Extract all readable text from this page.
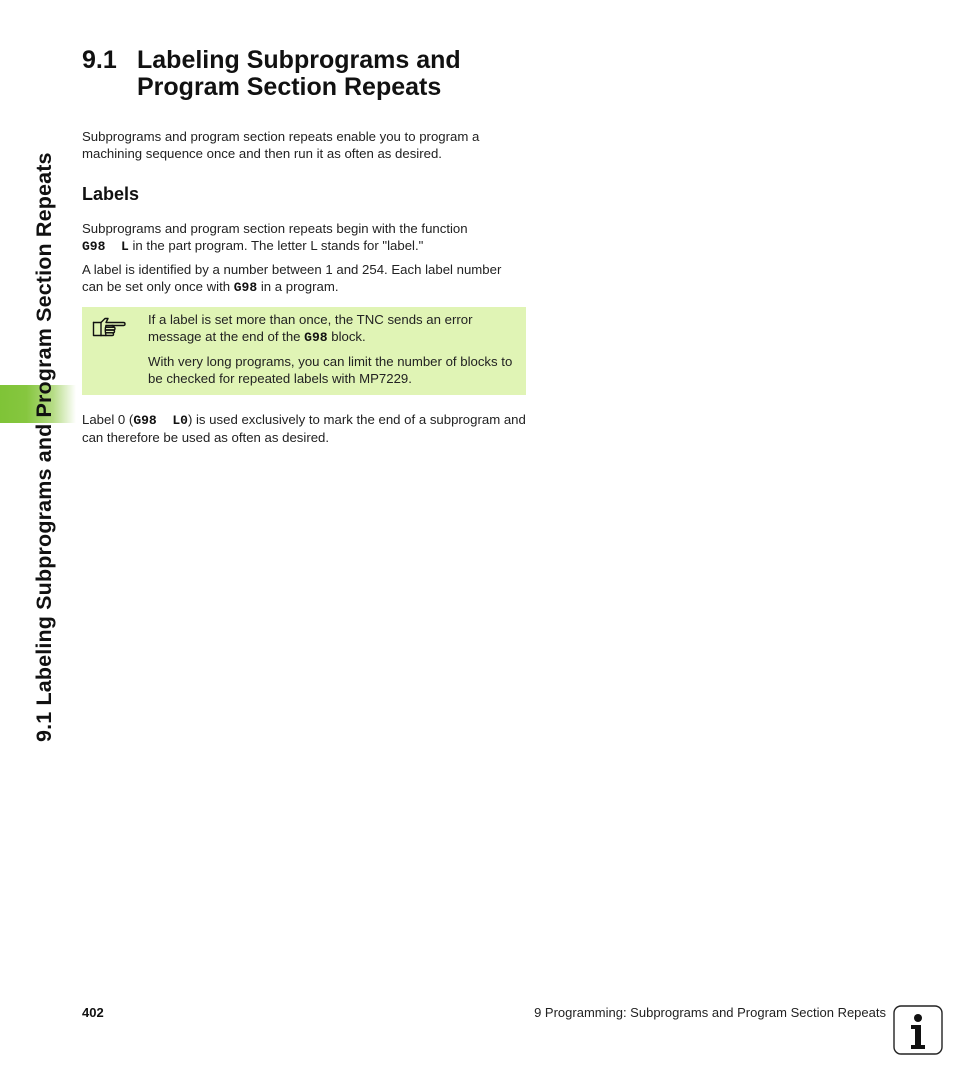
9.1 Labeling Subprograms and Program Section Repeats
9.1 Labeling Subprograms and Program Section Repeats

Subprograms and program section repeats enable you to program a machining sequence once and then run it as often as desired.

Labels

Subprograms and program section repeats begin with the function
G98  L in the part program. The letter L stands for "label."

A label is identified by a number between 1 and 254. Each label number can be set only once with G98 in a program.

If a label is set more than once, the TNC sends an error message at the end of the G98 block.

With very long programs, you can limit the number of blocks to be checked for repeated labels with MP7229.

Label 0 (G98  L0) is used exclusively to mark the end of a subprogram and can therefore be used as often as desired.

402	9 Programming: Subprograms and Program Section Repeats
